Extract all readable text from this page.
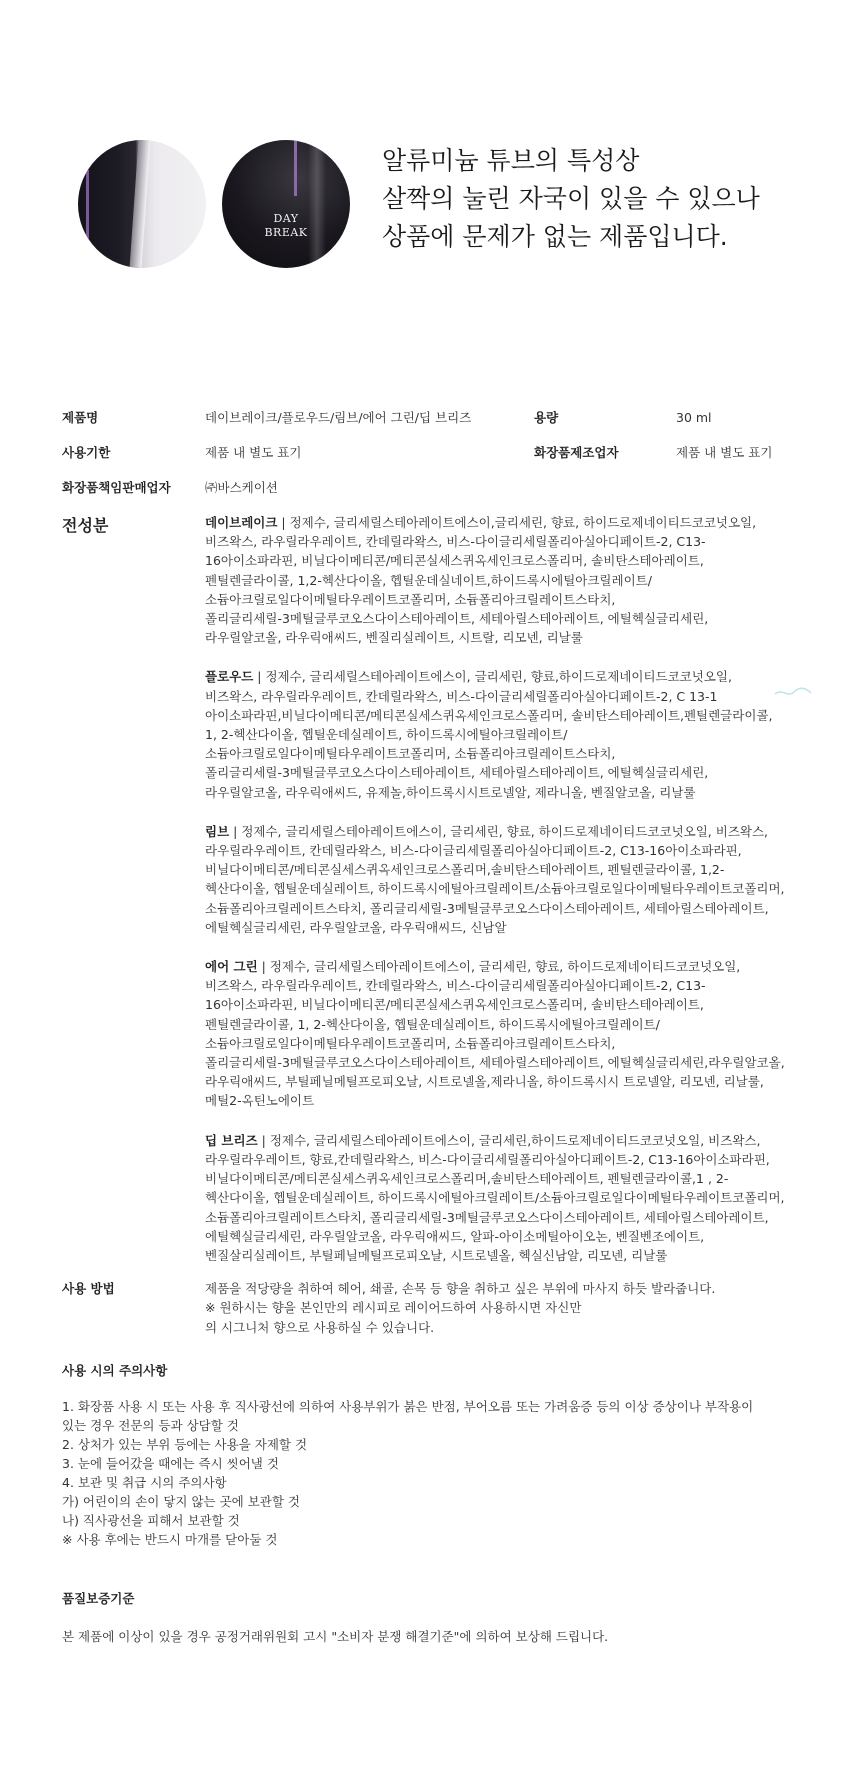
DAY
BREAK
알류미늄 튜브의 특성상
살짝의 눌린 자국이 있을 수 있으나
상품에 문제가 없는 제품입니다.
제품명	데이브레이크/플로우드/림브/에어 그린/딥 브리즈	용량	30 ml
사용기한	제품 내 별도 표기	화장품제조업자	제품 내 별도 표기
화장품책임판매업자	㈜바스케이션
전성분	데이브레이크 | 정제수, 글리세릴스테아레이트에스이,글리세린, 향료, 하이드로제네이티드코코넛오일, 비즈왁스, 라우릴라우레이트, 칸데릴라왁스, 비스-다이글리세릴폴리아실아디페이트-2, C13-16아이소파라핀, 비닐다이메티콘/메티콘실세스퀴옥세인크로스폴리머, 솔비탄스테아레이트, 펜틸렌글라이콜, 1,2-헥산다이올, 헵틸운데실네이트,하이드록시에틸아크릴레이트/소듐아크릴로일다이메틸타우레이트코폴리머, 소듐폴리아크릴레이트스타치, 폴리글리세릴-3메틸글루코오스다이스테아레이트, 세테아릴스테아레이트, 에틸헥실글리세린, 라우릴알코올, 라우릭애씨드, 벤질리실레이트, 시트랄, 리모넨, 리날룰

플로우드 | 정제수, 글리세릴스테아레이트에스이, 글리세린, 향료,하이드로제네이티드코코넛오일, 비즈왁스, 라우릴라우레이트, 칸데릴라왁스, 비스-다이글리세릴폴리아실아디페이트-2, C 13-1 아이소파라핀,비닐다이메티콘/메티콘실세스퀴옥세인크로스폴리머, 솔비탄스테아레이트,펜틸렌글라이콜, 1, 2-헥산다이올, 헵틸운데실레이트, 하이드록시에틸아크릴레이트/소듐아크릴로일다이메틸타우레이트코폴리머, 소듐폴리아크릴레이트스타치, 폴리글리세릴-3메틸글루코오스다이스테아레이트, 세테아릴스테아레이트, 에틸헥실글리세린, 라우릴알코올, 라우릭애씨드, 유제놀,하이드록시시트로넬알, 제라니올, 벤질알코올, 리날룰

림브 | 정제수, 글리세릴스테아레이트에스이, 글리세린, 향료, 하이드로제네이티드코코넛오일, 비즈왁스, 라우릴라우레이트, 칸데릴라왁스, 비스-다이글리세릴폴리아실아디페이트-2, C13-16아이소파라핀, 비닐다이메티콘/메티콘실세스퀴옥세인크로스폴리머,솔비탄스테아레이트, 펜틸렌글라이콜, 1,2-헥산다이올, 헵틸운데실레이트, 하이드록시에틸아크릴레이트/소듐아크릴로일다이메틸타우레이트코폴리머, 소듐폴리아크릴레이트스타치, 폴리글리세릴-3메틸글루코오스다이스테아레이트, 세테아릴스테아레이트, 에틸헥실글리세린, 라우릴알코올, 라우릭애씨드, 신남알

에어 그린 | 정제수, 글리세릴스테아레이트에스이, 글리세린, 향료, 하이드로제네이티드코코넛오일, 비즈왁스, 라우릴라우레이트, 칸데릴라왁스, 비스-다이글리세릴폴리아실아디페이트-2, C13-16아이소파라핀, 비닐다이메티콘/메티콘실세스퀴옥세인크로스폴리머, 솔비탄스테아레이트, 펜틸렌글라이콜, 1, 2-헥산다이올, 헵틸운데실레이트, 하이드록시에틸아크릴레이트/소듐아크릴로일다이메틸타우레이트코폴리머, 소듐폴리아크릴레이트스타치, 폴리글리세릴-3메틸글루코오스다이스테아레이트, 세테아릴스테아레이트, 에틸헥실글리세린,라우릴알코올, 라우릭애씨드, 부틸페닐메틸프로피오날, 시트로넬올,제라니올, 하이드록시시 트로넬알, 리모넨, 리날룰, 메틸2-옥틴노에이트

딥 브리즈 | 정제수, 글리세릴스테아레이트에스이, 글리세린,하이드로제네이티드코코넛오일, 비즈왁스, 라우릴라우레이트, 향료,칸데릴라왁스, 비스-다이글리세릴폴리아실아디페이트-2, C13-16아이소파라핀, 비닐다이메티콘/메티콘실세스퀴옥세인크로스폴리머,솔비탄스테아레이트, 펜틸렌글라이콜,1 , 2-헥산다이올, 헵틸운데실레이트, 하이드록시에틸아크릴레이트/소듐아크릴로일다이메틸타우레이트코폴리머, 소듐폴리아크릴레이트스타치, 폴리글리세릴-3메틸글루코오스다이스테아레이트, 세테아릴스테아레이트, 에틸헥실글리세린, 라우릴알코올, 라우릭애씨드, 알파-아이소메틸아이오논, 벤질벤조에이트, 벤질살리실레이트, 부틸페닐메틸프로피오날, 시트로넬올, 헥실신남알, 리모넨, 리날룰

사용 방법	제품을 적당량을 취하여 헤어, 쇄골, 손목 등 향을 취하고 싶은 부위에 마사지 하듯 발라줍니다.
※ 원하시는 향을 본인만의 레시피로 레이어드하여 사용하시면 자신만
의 시그니처 향으로 사용하실 수 있습니다.
사용 시의 주의사항
1. 화장품 사용 시 또는 사용 후 직사광선에 의하여 사용부위가 붉은 반점, 부어오름 또는 가려움증 등의 이상 증상이나 부작용이
있는 경우 전문의 등과 상담할 것
2. 상처가 있는 부위 등에는 사용을 자제할 것
3. 눈에 들어갔을 때에는 즉시 씻어낼 것
4. 보관 및 취급 시의 주의사항
가) 어린이의 손이 닿지 않는 곳에 보관할 것
나) 직사광선을 피해서 보관할 것
※ 사용 후에는 반드시 마개를 닫아둘 것
품질보증기준
본 제품에 이상이 있을 경우 공정거래위원회 고시 "소비자 분쟁 해결기준"에 의하여 보상해 드립니다.
